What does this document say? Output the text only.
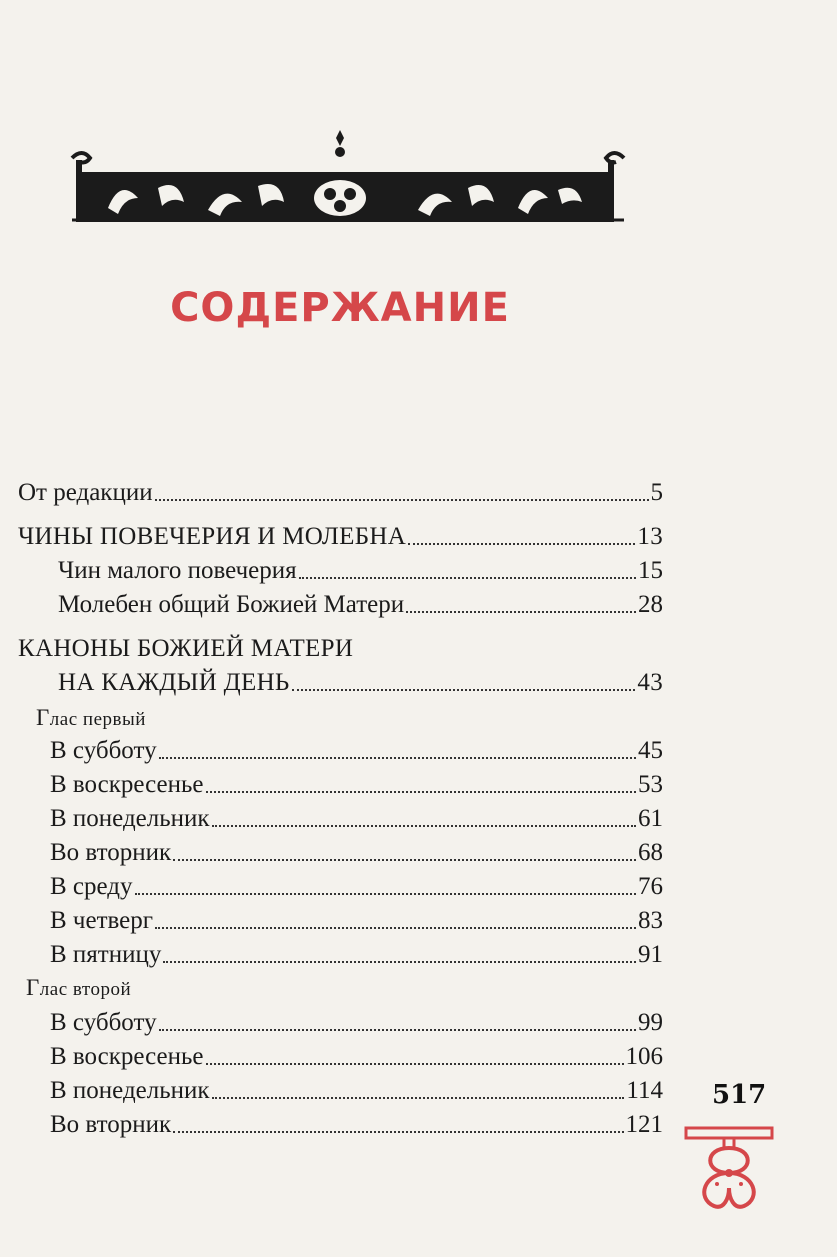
СОДЕРЖАНИЕ
От редакции	5
ЧИНЫ ПОВЕЧЕРИЯ И МОЛЕБНА	13
Чин малого повечерия	15
Молебен общий Божией Матери	28
КАНОНЫ БОЖИЕЙ МАТЕРИ
НА КАЖДЫЙ ДЕНЬ	43
Глас первый
В субботу	45
В воскресенье	53
В понедельник	61
Во вторник	68
В среду	76
В четверг	83
В пятницу	91
Глас второй
В субботу	99
В воскресенье	106
В понедельник	114
Во вторник	121
517
